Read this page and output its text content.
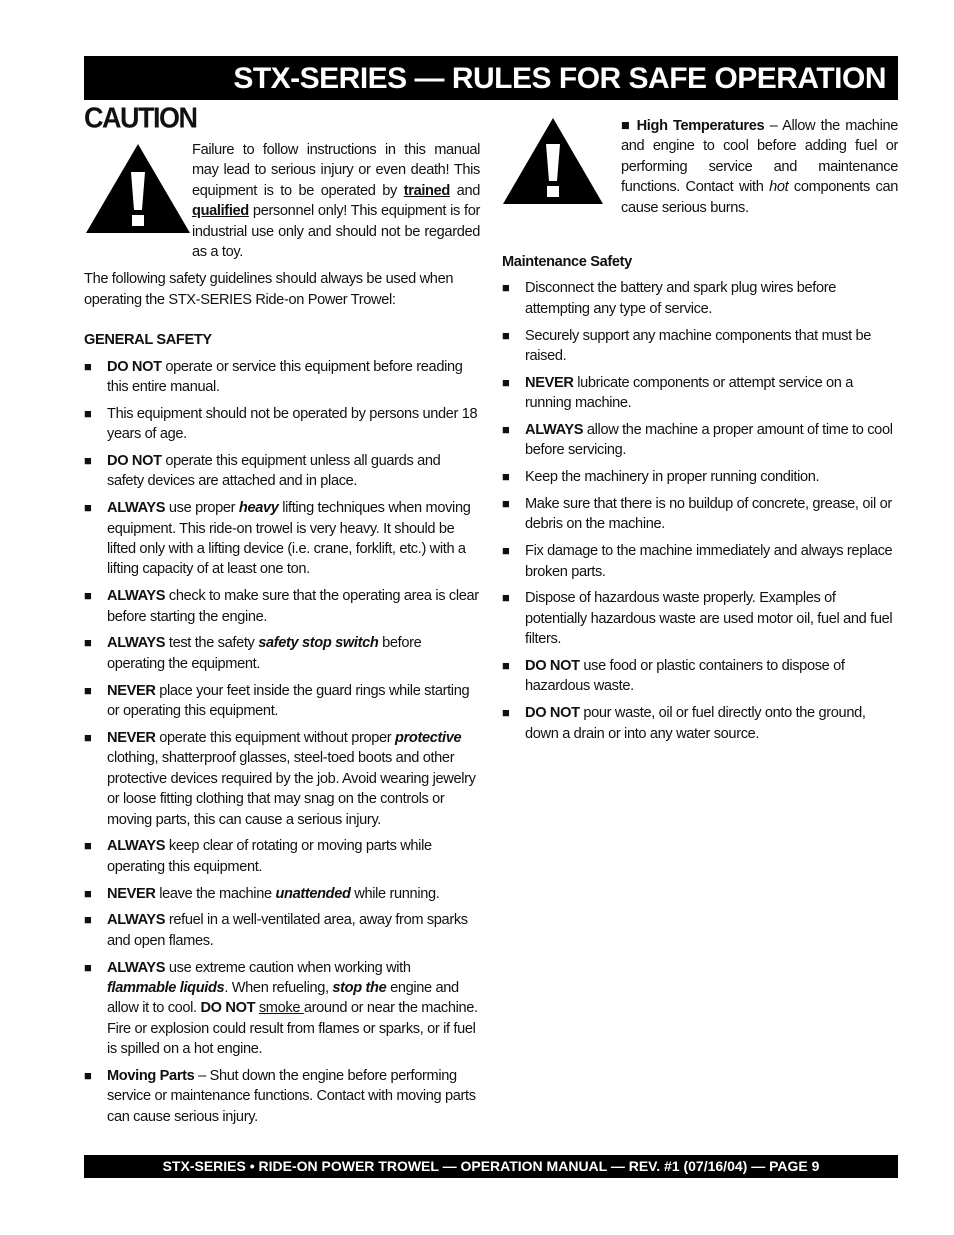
STX-SERIES — RULES FOR SAFE OPERATION
CAUTION

Failure to follow instructions in this manual may lead to serious injury or even death! This equipment is to be operated by trained and qualified personnel only! This equipment is for industrial use only and should not be regarded as a toy.

The following safety guidelines should always be used when operating the STX-SERIES Ride-on Power Trowel:

GENERAL SAFETY

■	DO NOT operate or service this equipment before reading this entire manual.
■	This equipment should not be operated by persons under 18 years of age.
■	DO NOT operate this equipment unless all guards and safety devices are attached and in place.
■	ALWAYS use proper heavy lifting techniques when moving equipment. This ride-on trowel is very heavy. It should be lifted only with a lifting device (i.e. crane, forklift, etc.) with a lifting capacity of at least one ton.
■	ALWAYS check to make sure that the operating area is clear before starting the engine.
■	ALWAYS test the safety safety stop switch before operating the equipment.
■	NEVER place your feet inside the guard rings while starting or operating this equipment.
■	NEVER operate this equipment without proper protective clothing, shatterproof glasses, steel-toed boots and other protective devices required by the job. Avoid wearing jewelry or loose fitting clothing that may snag on the controls or moving parts, this can cause a serious injury.
■	ALWAYS keep clear of rotating or moving parts while operating this equipment.
■	NEVER leave the machine unattended while running.
■	ALWAYS refuel in a well-ventilated area, away from sparks and open flames.
■	ALWAYS use extreme caution when working with flammable liquids. When refueling, stop the engine and allow it to cool. DO NOT smoke around or near the machine. Fire or explosion could result from flames or sparks, or if fuel is spilled on a hot engine.
■	Moving Parts – Shut down the engine before performing service or maintenance functions. Contact with moving parts can cause serious injury.

■ High Temperatures – Allow the machine and engine to cool before adding fuel or performing service and maintenance functions. Contact with hot components can cause serious burns.

Maintenance Safety

■	Disconnect the battery and spark plug wires before attempting any type of service.
■	Securely support any machine components that must be raised.
■	NEVER lubricate components or attempt service on a running machine.
■	ALWAYS allow the machine a proper amount of time to cool before servicing.
■	Keep the machinery in proper running condition.
■	Make sure that there is no buildup of concrete, grease, oil or debris on the machine.
■	Fix damage to the machine immediately and always replace broken parts.
■	Dispose of hazardous waste properly. Examples of potentially hazardous waste are used motor oil, fuel and fuel filters.
■	DO NOT use food or plastic containers to dispose of hazardous waste.
■	DO NOT pour waste, oil or fuel directly onto the ground, down a drain or into any water source.
STX-SERIES • RIDE-ON POWER TROWEL — OPERATION MANUAL — REV. #1 (07/16/04) — PAGE 9
